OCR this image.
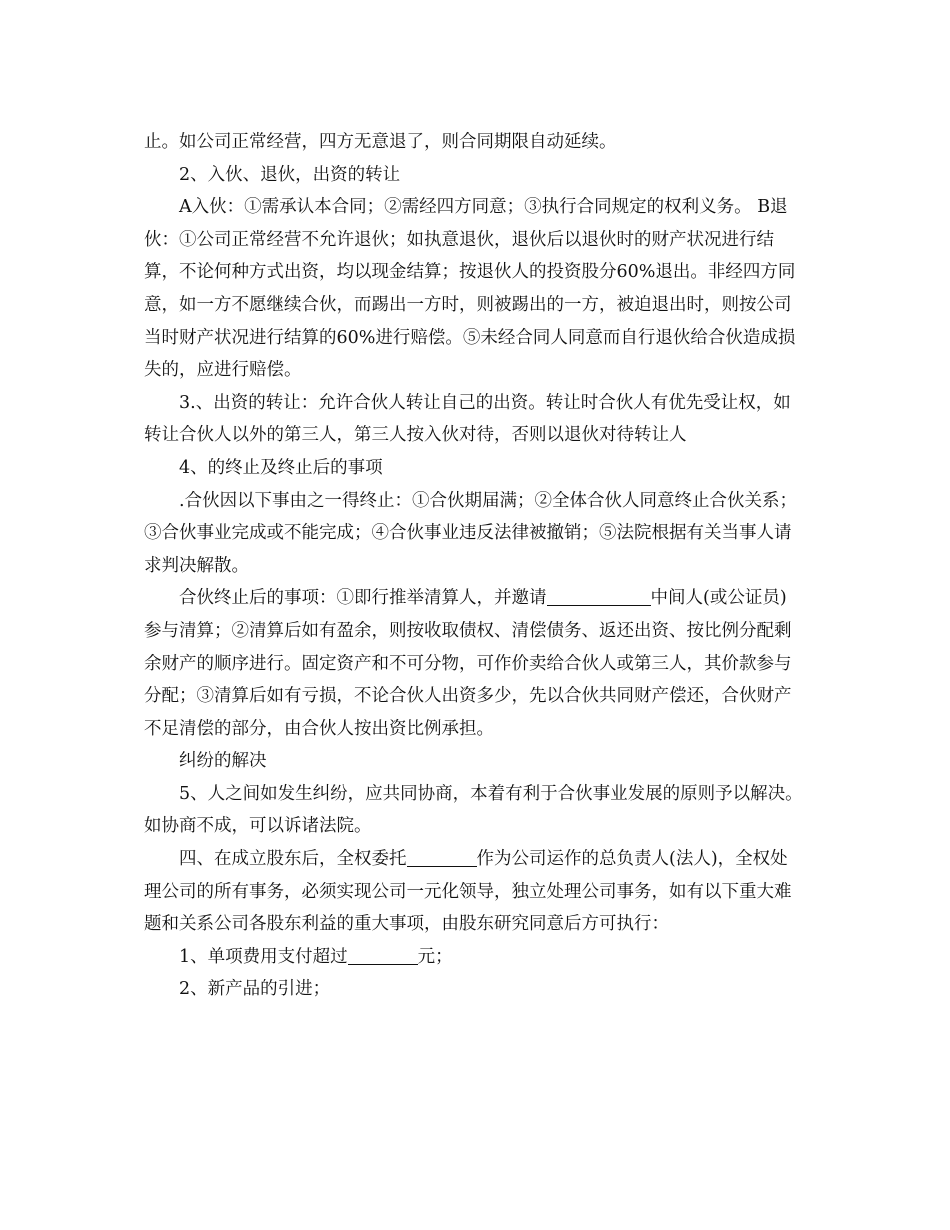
止。如公司正常经营，四方无意退了，则合同期限自动延续。

2、入伙、退伙，出资的转让

A入伙：①需承认本合同；②需经四方同意；③执行合同规定的权利义务。 B退伙：①公司正常经营不允许退伙；如执意退伙，退伙后以退伙时的财产状况进行结算，不论何种方式出资，均以现金结算；按退伙人的投资股分60%退出。非经四方同意，如一方不愿继续合伙，而踢出一方时，则被踢出的一方，被迫退出时，则按公司当时财产状况进行结算的60%进行赔偿。⑤未经合同人同意而自行退伙给合伙造成损失的，应进行赔偿。

3.、出资的转让：允许合伙人转让自己的出资。转让时合伙人有优先受让权，如转让合伙人以外的第三人，第三人按入伙对待，否则以退伙对待转让人

4、的终止及终止后的事项

.合伙因以下事由之一得终止：①合伙期届满；②全体合伙人同意终止合伙关系；③合伙事业完成或不能完成；④合伙事业违反法律被撤销；⑤法院根据有关当事人请求判决解散。

合伙终止后的事项：①即行推举清算人，并邀请	中间人(或公证员)参与清算；②清算后如有盈余，则按收取债权、清偿债务、返还出资、按比例分配剩余财产的顺序进行。固定资产和不可分物，可作价卖给合伙人或第三人，其价款参与分配；③清算后如有亏损，不论合伙人出资多少，先以合伙共同财产偿还，合伙财产不足清偿的部分，由合伙人按出资比例承担。

纠纷的解决

5、人之间如发生纠纷，应共同协商，本着有利于合伙事业发展的原则予以解决。如协商不成，可以诉诸法院。

四、在成立股东后，全权委托	作为公司运作的总负责人(法人)，全权处理公司的所有事务，必须实现公司一元化领导，独立处理公司事务，如有以下重大难题和关系公司各股东利益的重大事项，由股东研究同意后方可执行：

1、单项费用支付超过	元；

2、新产品的引进；
